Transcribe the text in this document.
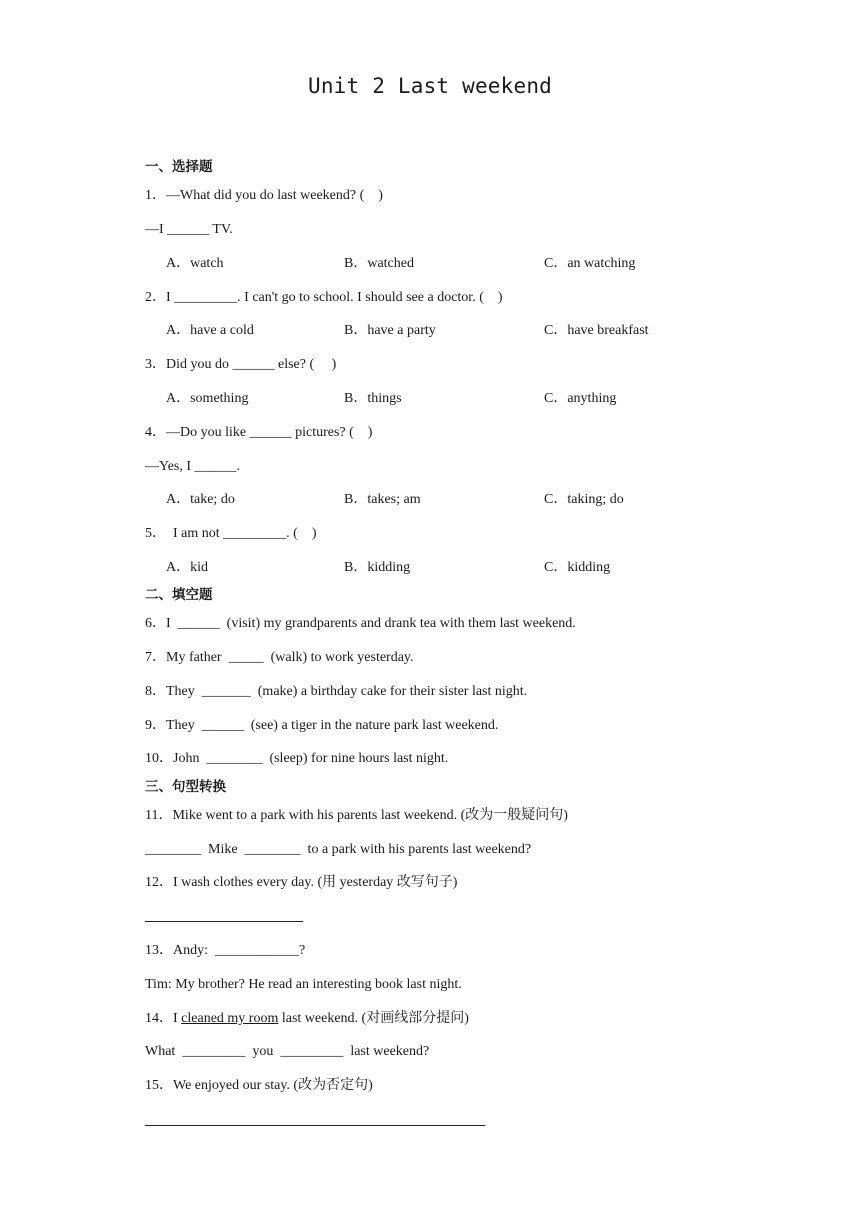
Unit 2 Last weekend
一、选择题
1．—What did you do last weekend? (    )
—I ______ TV.
A．watch	B．watched	C．an watching
2．I _________. I can't go to school. I should see a doctor. (    )
A．have a cold	B．have a party	C．have breakfast
3．Did you do ______ else? (     )
A．something	B．things	C．anything
4．—Do you like ______ pictures? (    )
—Yes, I ______.
A．take; do	B．takes; am	C．taking; do
5．  I am not _________. (    )
A．kid	B．kidding	C．kidding
二、填空题
6．I  ______  (visit) my grandparents and drank tea with them last weekend.
7．My father  _____  (walk) to work yesterday.
8．They  _______  (make) a birthday cake for their sister last night.
9．They  ______  (see) a tiger in the nature park last weekend.
10．John  ________  (sleep) for nine hours last night.
三、句型转换
11．Mike went to a park with his parents last weekend. (改为一般疑问句)
________  Mike  ________  to a park with his parents last weekend?
12．I wash clothes every day. (用 yesterday 改写句子)
13．Andy:  ____________?
Tim: My brother? He read an interesting book last night.
14．I cleaned my room last weekend. (对画线部分提问)
What  _________  you  _________  last weekend?
15．We enjoyed our stay. (改为否定句)
